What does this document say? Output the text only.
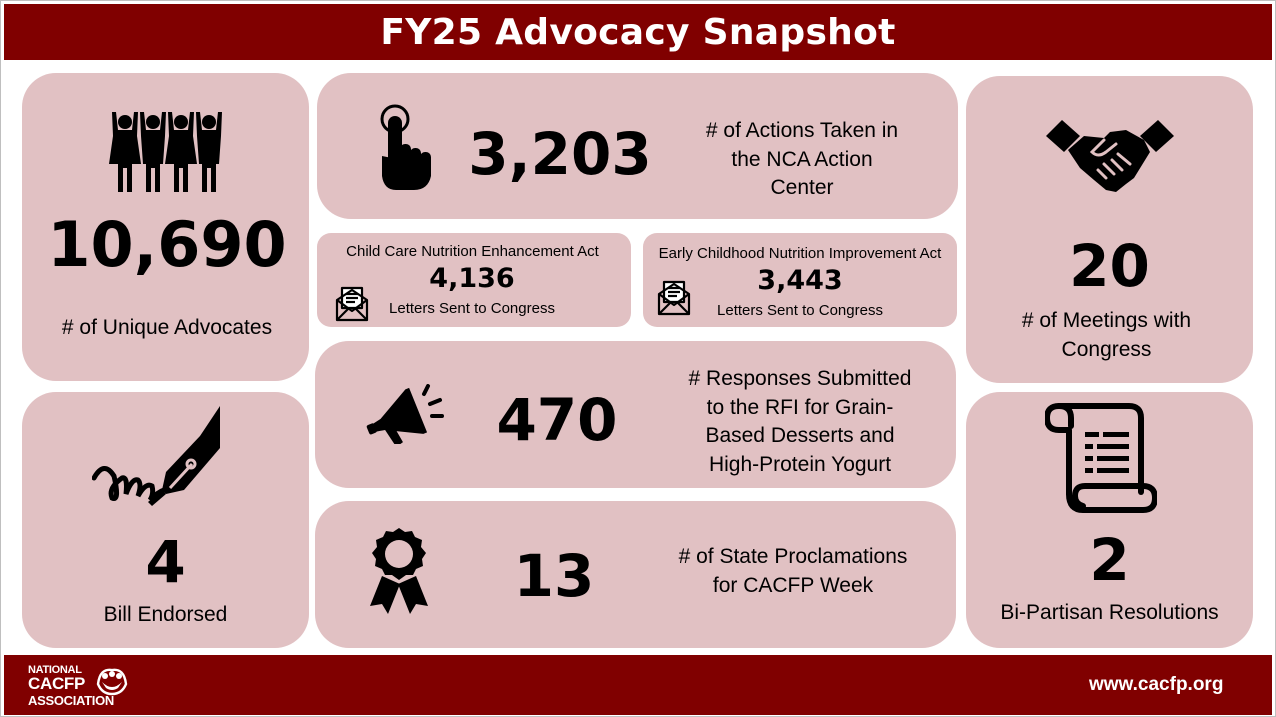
FY25 Advocacy Snapshot
10,690
# of Unique Advocates
3,203	# of Actions Taken in
the NCA Action
Center
Child Care Nutrition Enhancement Act
4,136
Letters Sent to Congress
Early Childhood Nutrition Improvement Act
3,443
Letters Sent to Congress
20
# of Meetings with
Congress
4
Bill Endorsed
470
# Responses Submitted
to the RFI for Grain-
Based Desserts and
High-Protein Yogurt
13	# of State Proclamations
for CACFP Week	2
Bi-Partisan Resolutions
NATIONAL
CACFP
ASSOCIATION
www.cacfp.org
